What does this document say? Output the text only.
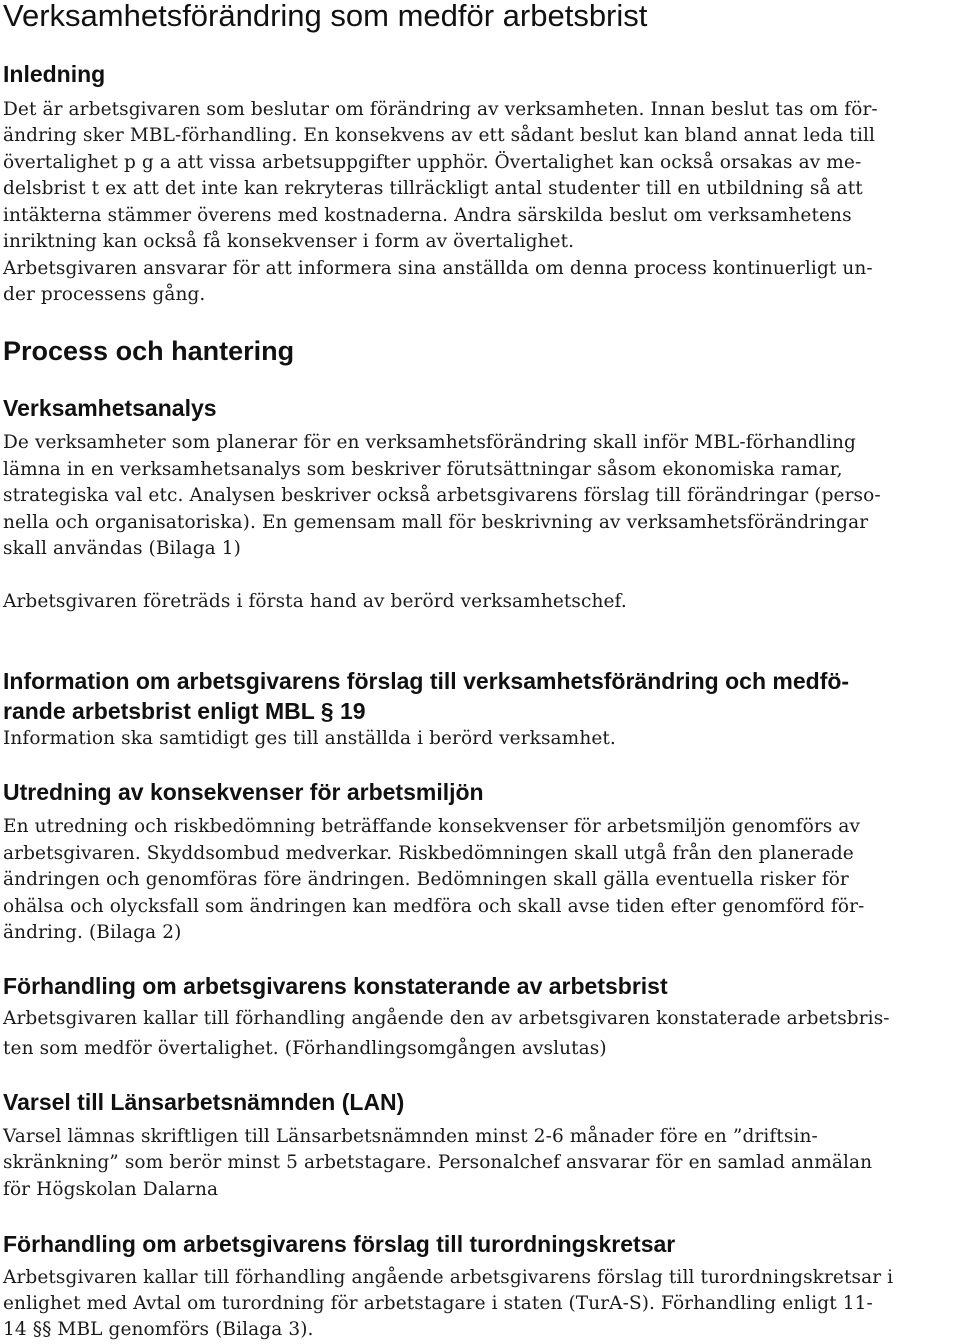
Verksamhetsförändring som medför arbetsbrist
Inledning

Det är arbetsgivaren som beslutar om förändring av verksamheten. Innan beslut tas om för-

ändring sker MBL-förhandling. En konsekvens av ett sådant beslut kan bland annat leda till

övertalighet p g a att vissa arbetsuppgifter upphör. Övertalighet kan också orsakas av me-

delsbrist t ex att det inte kan rekryteras tillräckligt antal studenter till en utbildning så att

intäkterna stämmer överens med kostnaderna. Andra särskilda beslut om verksamhetens

inriktning kan också få konsekvenser i form av övertalighet.

Arbetsgivaren ansvarar för att informera sina anställda om denna process kontinuerligt un-

der processens gång.

Process och hantering
Verksamhetsanalys

De verksamheter som planerar för en verksamhetsförändring skall inför MBL-förhandling

lämna in en verksamhetsanalys som beskriver förutsättningar såsom ekonomiska ramar,

strategiska val etc. Analysen beskriver också arbetsgivarens förslag till förändringar (perso-

nella och organisatoriska). En gemensam mall för beskrivning av verksamhetsförändringar

skall användas (Bilaga 1)

Arbetsgivaren företräds i första hand av berörd verksamhetschef.

Information om arbetsgivarens förslag till verksamhetsförändring och medfö-
rande arbetsbrist enligt MBL § 19

Information ska samtidigt ges till anställda i berörd verksamhet.

Utredning av konsekvenser för arbetsmiljön

En utredning och riskbedömning beträffande konsekvenser för arbetsmiljön genomförs av

arbetsgivaren. Skyddsombud medverkar. Riskbedömningen skall utgå från den planerade

ändringen och genomföras före ändringen. Bedömningen skall gälla eventuella risker för

ohälsa och olycksfall som ändringen kan medföra och skall avse tiden efter genomförd för-

ändring. (Bilaga 2)

Förhandling om arbetsgivarens konstaterande av arbetsbrist

Arbetsgivaren kallar till förhandling angående den av arbetsgivaren konstaterade arbetsbris-

ten som medför övertalighet. (Förhandlingsomgången avslutas)

Varsel till Länsarbetsnämnden (LAN)

Varsel lämnas skriftligen till Länsarbetsnämnden minst 2-6 månader före en ”driftsin-

skränkning” som berör minst 5 arbetstagare. Personalchef ansvarar för en samlad anmälan

för Högskolan Dalarna

Förhandling om arbetsgivarens förslag till turordningskretsar

Arbetsgivaren kallar till förhandling angående arbetsgivarens förslag till turordningskretsar i

enlighet med Avtal om turordning för arbetstagare i staten (TurA-S). Förhandling enligt 11-

14 §§ MBL genomförs (Bilaga 3).
